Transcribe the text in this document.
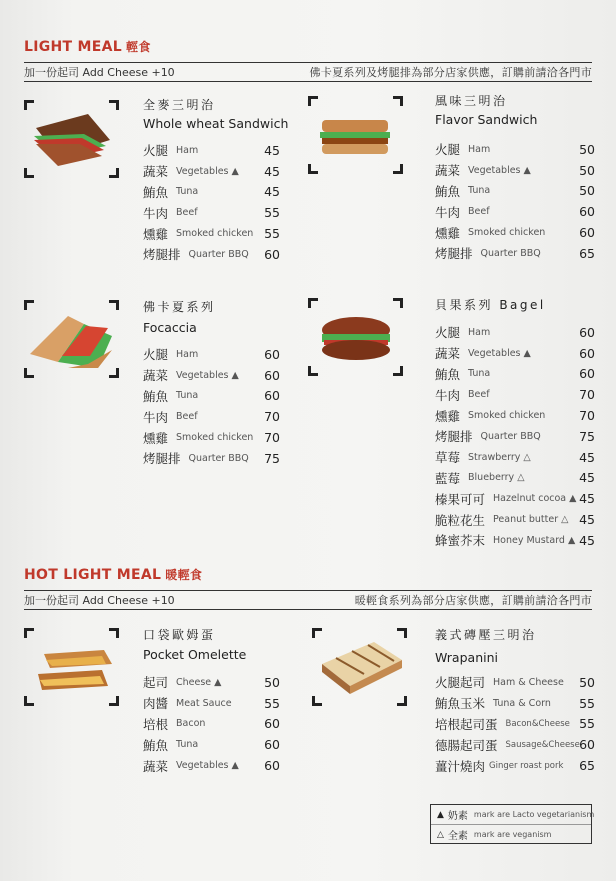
LIGHT MEAL 輕食
加一份起司 Add Cheese +10	佛卡夏系列及烤腿排為部分店家供應，訂購前請洽各門市
全麥三明治
Whole wheat Sandwich
火腿 Ham	45
蔬菜 Vegetables ▲ 45
鮪魚 Tuna	45
牛肉 Beef	55
燻雞 Smoked chicken 55
烤腿排 Quarter BBQ 60
風味三明治
Flavor Sandwich
火腿 Ham	50
蔬菜 Vegetables ▲	50
鮪魚 Tuna	50
牛肉 Beef	60
燻雞 Smoked chicken	60
烤腿排 Quarter BBQ	65
佛卡夏系列
Focaccia
火腿 Ham	60
蔬菜 Vegetables ▲ 60
鮪魚 Tuna	60
牛肉 Beef	70
燻雞 Smoked chicken 70
烤腿排 Quarter BBQ 75
貝果系列 Bagel
火腿 Ham	60
蔬菜 Vegetables ▲	60
鮪魚 Tuna	60
牛肉 Beef	70
燻雞 Smoked chicken	70
烤腿排 Quarter BBQ	75
草莓 Strawberry △	45
藍莓 Blueberry △	45
榛果可可 Hazelnut cocoa ▲ 45
脆粒花生 Peanut butter △ 45
蜂蜜芥末 Honey Mustard ▲ 45
HOT LIGHT MEAL 暖輕食
加一份起司 Add Cheese +10	暖輕食系列為部分店家供應，訂購前請洽各門市
口袋歐姆蛋
Pocket Omelette
起司 Cheese ▲	50
肉醬 Meat Sauce	55
培根 Bacon	60
鮪魚 Tuna	60
蔬菜 Vegetables ▲ 60
義式磚壓三明治
Wrapanini
火腿起司 Ham & Cheese 50
鮪魚玉米 Tuna & Corn 55
培根起司蛋 Bacon&Cheese 55
德腸起司蛋 Sausage&Cheese 60
薑汁燒肉 Ginger roast pork 65
▲ 奶素 mark are Lacto vegetarianism
△ 全素 mark are veganism
